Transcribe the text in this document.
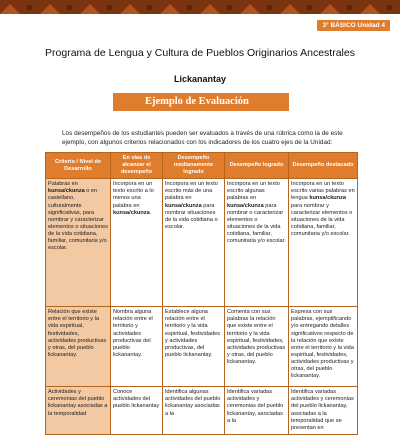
3° BÁSICO Unidad 4
Programa de Lengua y Cultura de Pueblos Originarios Ancestrales
Lickanantay
Ejemplo de Evaluación

Los desempeños de los estudiantes pueden ser evaluados a través de una rúbrica como la de este ejemplo, con algunos criterios relacionados con los indicadores de los cuatro ejes de la Unidad:

Criterio / Nivel de Desarrollo	En vías de alcanzar el desempeño	Desempeño medianamente logrado	Desempeño logrado	Desempeño destacado
Palabras en kunsa/ckunza o en castellano, culturalmente significativas, para nombrar y caracterizar elementos o situaciones de la vida cotidiana, familiar, comunitaria y/o escolar.	Incorpora en un texto escrito a lo menos una palabra en kunsa/ckunza.	Incorpora en un texto escrito más de una palabra en kunsa/ckunza para nombrar situaciones de la vida cotidiana o escolar.	Incorpora en un texto escrito algunas palabras en kunsa/ckunza para nombrar o caracterizar elementos o situaciones de la vida cotidiana, familiar, comunitaria y/o escolar.	Incorpora en un texto escrito varias palabras en lengua kunsa/ckunza para nombrar y caracterizar elementos o situaciones de la vida cotidiana, familiar, comunitaria y/o escolar.
Relación que existe entre el territorio y la vida espiritual, festividades, actividades productivas y otras, del pueblo lickanantay.	Nombra alguna relación entre el territorio y actividades productivas del pueblo lickanantay.	Establece alguna relación entre el territorio y la vida espiritual, festividades y actividades productivas, del pueblo lickanantay.	Comenta con sus palabras la relación que existe entre el territorio y la vida espiritual, festividades, actividades productivas y otras, del pueblo lickanantay.	Expresa con sus palabras, ejemplificando y/o entregando detalles significativos respecto de la relación que existe entre el territorio y la vida espiritual, festividades, actividades productivas y otras, del pueblo lickanantay.
Actividades y ceremonias del pueblo lickanantay asociadas a la temporalidad	Conoce actividades del pueblo lickanantay	Identifica algunas actividades del pueblo lickanantay asociadas a la	Identifica variadas actividades y ceremonias del pueblo lickanantay, asociadas a la	Identifica variadas actividades y ceremonias del pueblo lickanantay, asociadas a la temporalidad que se presentan en
